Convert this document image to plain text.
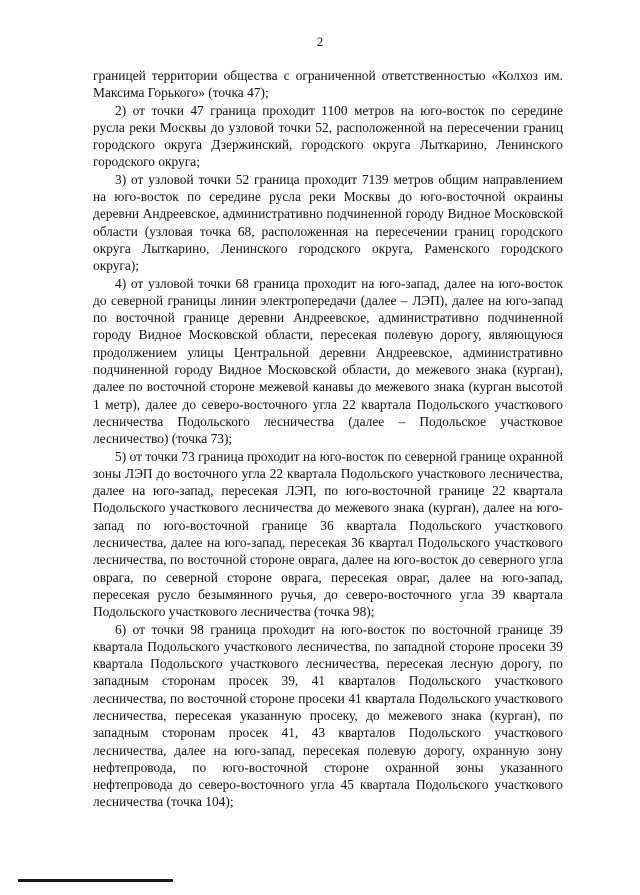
2

границей территории общества с ограниченной ответственностью «Колхоз им. Максима Горького» (точка 47);

2) от точки 47 граница проходит 1100 метров на юго-восток по середине русла реки Москвы до узловой точки 52, расположенной на пересечении границ городского округа Дзержинский, городского округа Лыткарино, Ленинского городского округа;

3) от узловой точки 52 граница проходит 7139 метров общим направлением на юго-восток по середине русла реки Москвы до юго-восточной окраины деревни Андреевское, административно подчиненной городу Видное Московской области (узловая точка 68, расположенная на пересечении границ городского округа Лыткарино, Ленинского городского округа, Раменского городского округа);

4) от узловой точки 68 граница проходит на юго-запад, далее на юго-восток до северной границы линии электропередачи (далее – ЛЭП), далее на юго-запад по восточной границе деревни Андреевское, административно подчиненной городу Видное Московской области, пересекая полевую дорогу, являющуюся продолжением улицы Центральной деревни Андреевское, административно подчиненной городу Видное Московской области, до межевого знака (курган), далее по восточной стороне межевой канавы до межевого знака (курган высотой 1 метр), далее до северо-восточного угла 22 квартала Подольского участкового лесничества Подольского лесничества (далее – Подольское участковое лесничество) (точка 73);

5) от точки 73 граница проходит на юго-восток по северной границе охранной зоны ЛЭП до восточного угла 22 квартала Подольского участкового лесничества, далее на юго-запад, пересекая ЛЭП, по юго-восточной границе 22 квартала Подольского участкового лесничества до межевого знака (курган), далее на юго-запад по юго-восточной границе 36 квартала Подольского участкового лесничества, далее на юго-запад, пересекая 36 квартал Подольского участкового лесничества, по восточной стороне оврага, далее на юго-восток до северного угла оврага, по северной стороне оврага, пересекая овраг, далее на юго-запад, пересекая русло безымянного ручья, до северо-восточного угла 39 квартала Подольского участкового лесничества (точка 98);

6) от точки 98 граница проходит на юго-восток по восточной границе 39 квартала Подольского участкового лесничества, по западной стороне просеки 39 квартала Подольского участкового лесничества, пересекая лесную дорогу, по западным сторонам просек 39, 41 кварталов Подольского участкового лесничества, по восточной стороне просеки 41 квартала Подольского участкового лесничества, пересекая указанную просеку, до межевого знака (курган), по западным сторонам просек 41, 43 кварталов Подольского участкового лесничества, далее на юго-запад, пересекая полевую дорогу, охранную зону нефтепровода, по юго-восточной стороне охранной зоны указанного нефтепровода до северо-восточного угла 45 квартала Подольского участкового лесничества (точка 104);
